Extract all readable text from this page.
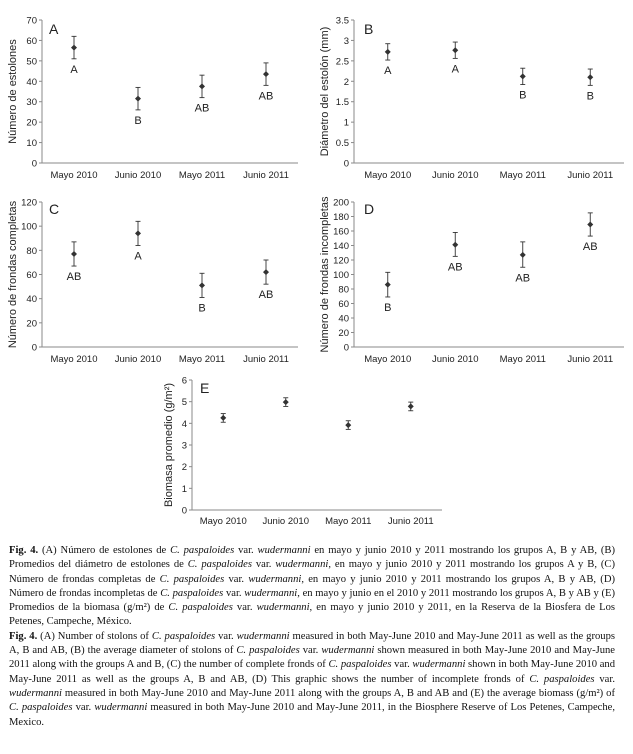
0
10
20
30
40
50
60
70
Mayo 2010 Junio 2010 Mayo 2011 Junio 2011
Número de estolones
A
A
B
AB
AB
0
0.5
1
1.5
2
2.5
3
3.5
Mayo 2010 Junio 2010 Mayo 2011 Junio 2011
Diámetro del estolón (mm) B
A	A
B	B
0
20
40
60
80
100
120
Mayo 2010 Junio 2010 Mayo 2011 Junio 2011
Número de frondas completas C
AB
A
B
AB
0
20
40
60
80
100
120
140
160
180
200
Mayo 2010 Junio 2010 Mayo 2011 Junio 2011
Número de frondas incompletas D
B
AB
AB
AB
0
1
2
3
4
5
6
Mayo 2010 Junio 2010 Mayo 2011 Junio 2011
Biomasa promedio (g/m²) E

Fig. 4. (A) Número de estolones de C. paspaloides var. wudermanni en mayo y junio 2010 y 2011 mostrando los grupos A, B y AB, (B) Promedios del diámetro de estolones de C. paspaloides var. wudermanni, en mayo y junio 2010 y 2011 mostrando los grupos A y B, (C) Número de frondas completas de C. paspaloides var. wudermanni, en mayo y junio 2010 y 2011 mostrando los grupos A, B y AB, (D) Número de frondas incompletas de C. paspaloides var. wudermanni, en mayo y junio en el 2010 y 2011 mostrando los grupos A, B y AB y (E) Promedios de la biomasa (g/m²) de C. paspaloides var. wudermanni, en mayo y junio 2010 y 2011, en la Reserva de la Biosfera de Los Petenes, Campeche, México.

Fig. 4. (A) Number of stolons of C. paspaloides var. wudermanni measured in both May-June 2010 and May-June 2011 as well as the groups A, B and AB, (B) the average diameter of stolons of C. paspaloides var. wudermanni shown measured in both May-June 2010 and May-June 2011 along with the groups A and B, (C) the number of complete fronds of C. paspaloides var. wudermanni shown in both May-June 2010 and May-June 2011 as well as the groups A, B and AB, (D) This graphic shows the number of incomplete fronds of C. paspaloides var. wudermanni measured in both May-June 2010 and May-June 2011 along with the groups A, B and AB and (E) the average biomass (g/m²) of C. paspaloides var. wudermanni measured in both May-June 2010 and May-June 2011, in the Biosphere Reserve of Los Petenes, Campeche, Mexico.
